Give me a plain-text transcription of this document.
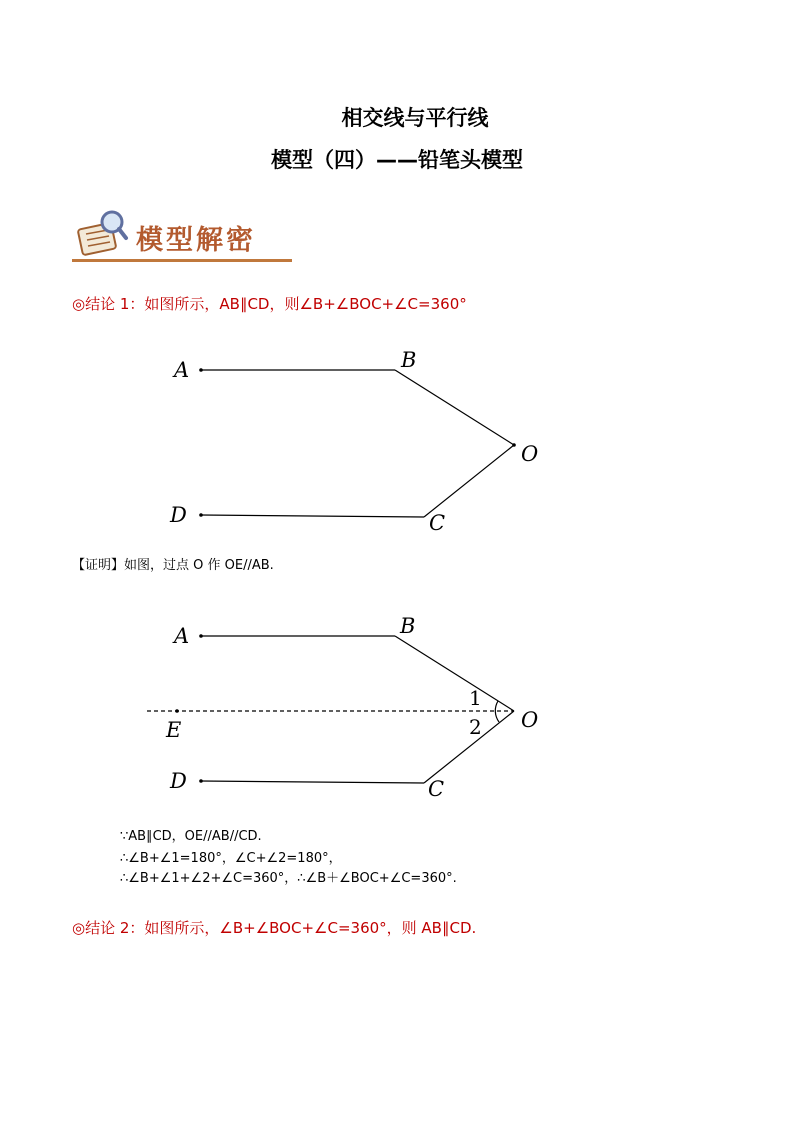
相交线与平行线
模型（四）——铅笔头模型
模型解密
◎结论 1：如图所示，AB∥CD，则∠B+∠BOC+∠C=360°
A	B
O
D	C
【证明】如图，过点 O 作 OE//AB.
A	B
E	O
D	C
1
2
∵AB∥CD，OE//AB//CD.
∴∠B+∠1=180°，∠C+∠2=180°，
∴∠B+∠1+∠2+∠C=360°，∴∠B＋∠BOC+∠C=360°.
◎结论 2：如图所示，∠B+∠BOC+∠C=360°，则 AB∥CD.
